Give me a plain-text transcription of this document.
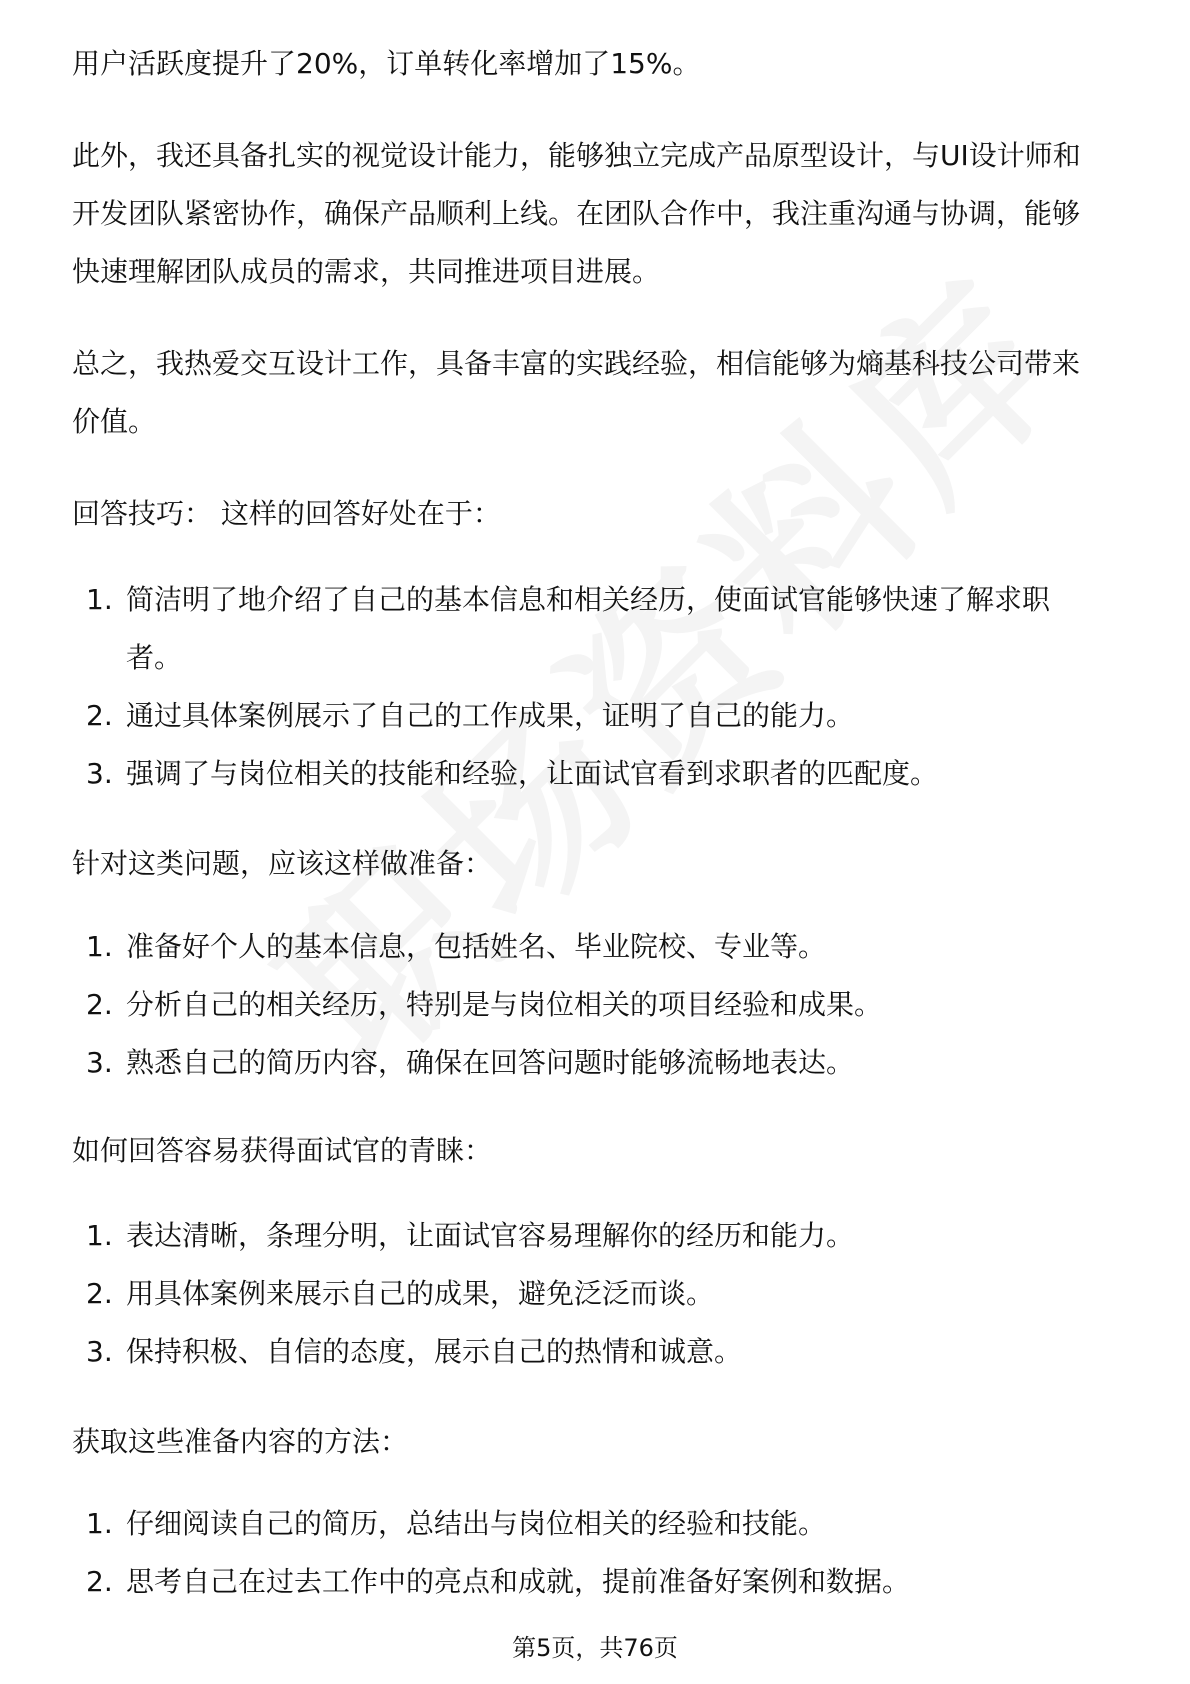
用户活跃度提升了20%，订单转化率增加了15%。
此外，我还具备扎实的视觉设计能力，能够独立完成产品原型设计，与UI设计师和
开发团队紧密协作，确保产品顺利上线。在团队合作中，我注重沟通与协调，能够
快速理解团队成员的需求，共同推进项目进展。
总之，我热爱交互设计工作，具备丰富的实践经验，相信能够为熵基科技公司带来
价值。
回答技巧： 这样的回答好处在于：
1. 简洁明了地介绍了自己的基本信息和相关经历，使面试官能够快速了解求职
者。
2. 通过具体案例展示了自己的工作成果，证明了自己的能力。
3. 强调了与岗位相关的技能和经验，让面试官看到求职者的匹配度。
针对这类问题，应该这样做准备：
1. 准备好个人的基本信息，包括姓名、毕业院校、专业等。
2. 分析自己的相关经历，特别是与岗位相关的项目经验和成果。
3. 熟悉自己的简历内容，确保在回答问题时能够流畅地表达。
如何回答容易获得面试官的青睐：
1. 表达清晰，条理分明，让面试官容易理解你的经历和能力。
2. 用具体案例来展示自己的成果，避免泛泛而谈。
3. 保持积极、自信的态度，展示自己的热情和诚意。
获取这些准备内容的方法：
1. 仔细阅读自己的简历，总结出与岗位相关的经验和技能。
2. 思考自己在过去工作中的亮点和成就，提前准备好案例和数据。
第5页，共76页
